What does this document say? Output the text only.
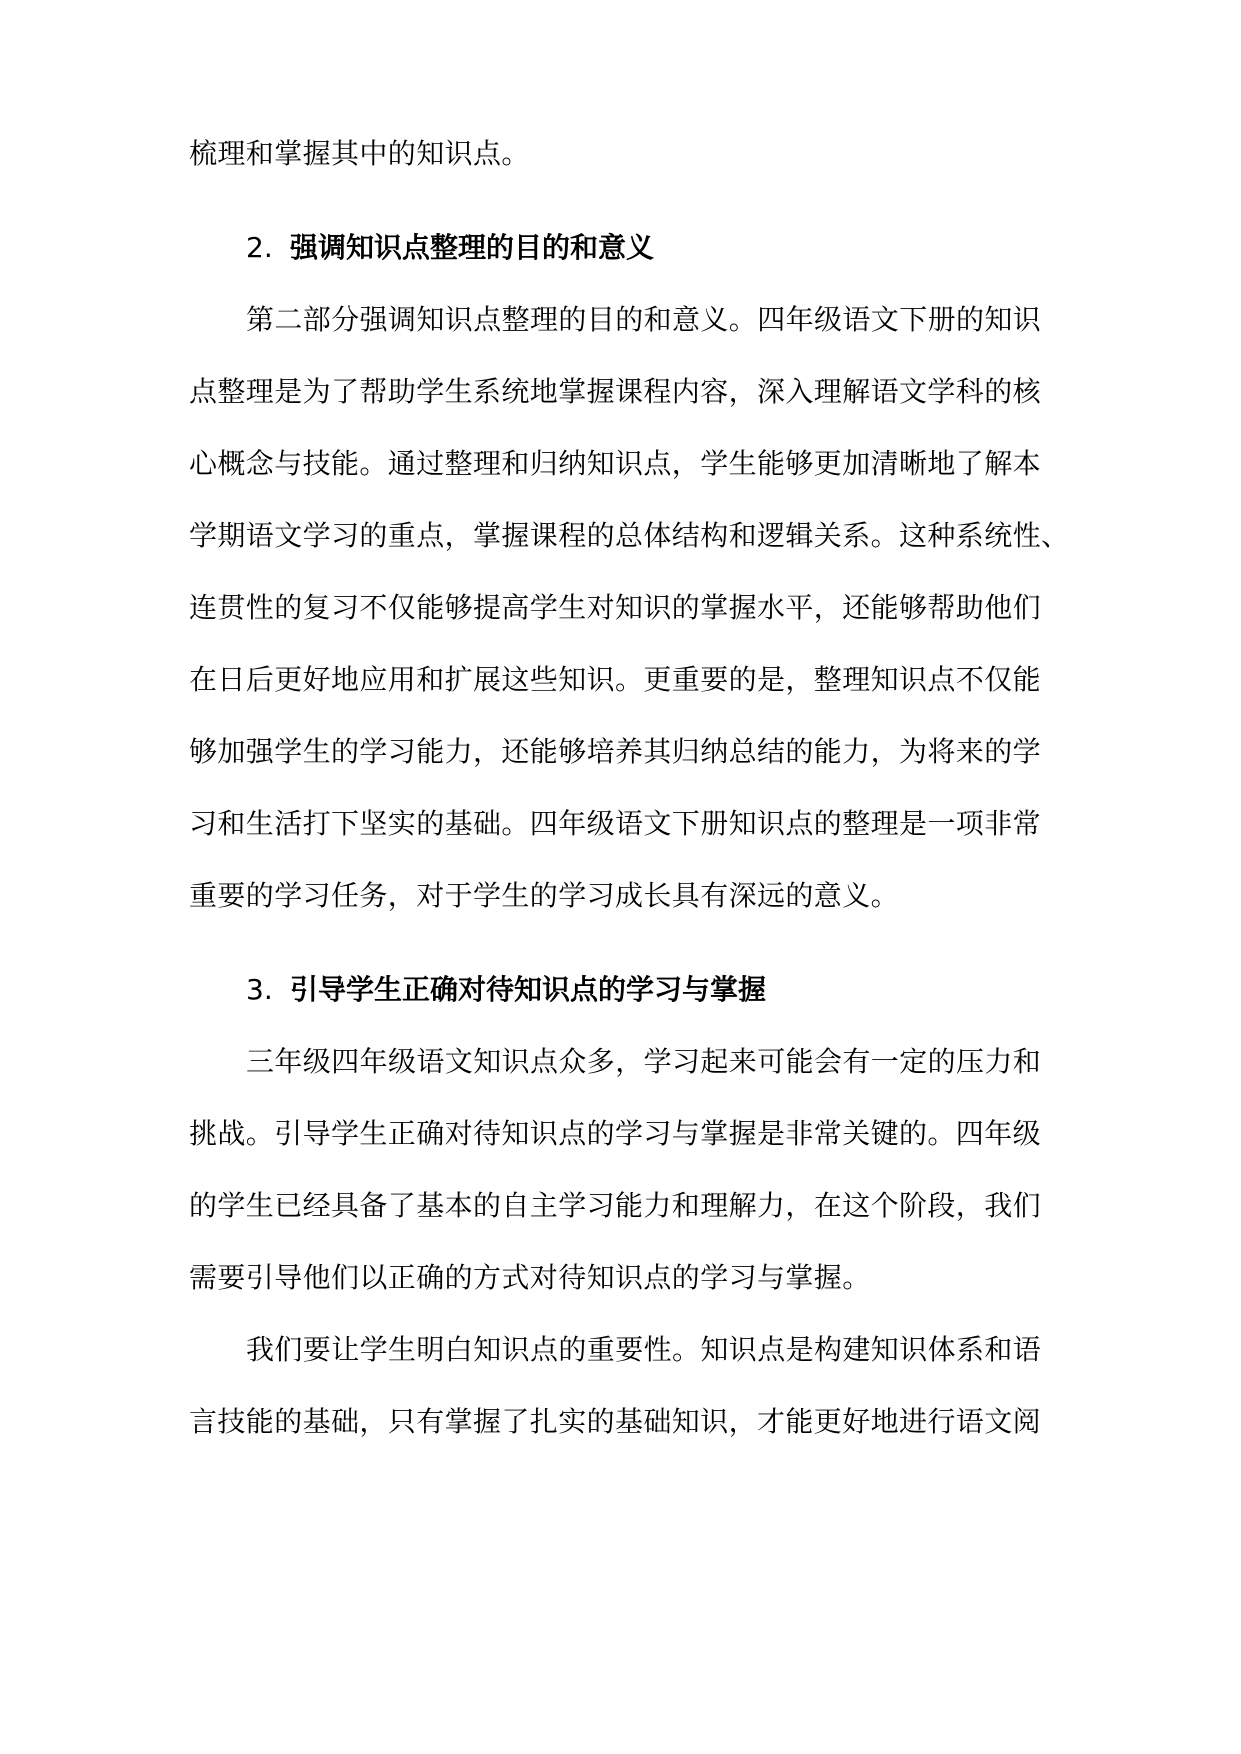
梳理和掌握其中的知识点。
2. 强调知识点整理的目的和意义
第二部分强调知识点整理的目的和意义。四年级语文下册的知识
点整理是为了帮助学生系统地掌握课程内容，深入理解语文学科的核
心概念与技能。通过整理和归纳知识点，学生能够更加清晰地了解本
学期语文学习的重点，掌握课程的总体结构和逻辑关系。这种系统性、
连贯性的复习不仅能够提高学生对知识的掌握水平，还能够帮助他们
在日后更好地应用和扩展这些知识。更重要的是，整理知识点不仅能
够加强学生的学习能力，还能够培养其归纳总结的能力，为将来的学
习和生活打下坚实的基础。四年级语文下册知识点的整理是一项非常
重要的学习任务，对于学生的学习成长具有深远的意义。
3. 引导学生正确对待知识点的学习与掌握
三年级四年级语文知识点众多，学习起来可能会有一定的压力和
挑战。引导学生正确对待知识点的学习与掌握是非常关键的。四年级
的学生已经具备了基本的自主学习能力和理解力，在这个阶段，我们
需要引导他们以正确的方式对待知识点的学习与掌握。
我们要让学生明白知识点的重要性。知识点是构建知识体系和语
言技能的基础，只有掌握了扎实的基础知识，才能更好地进行语文阅
